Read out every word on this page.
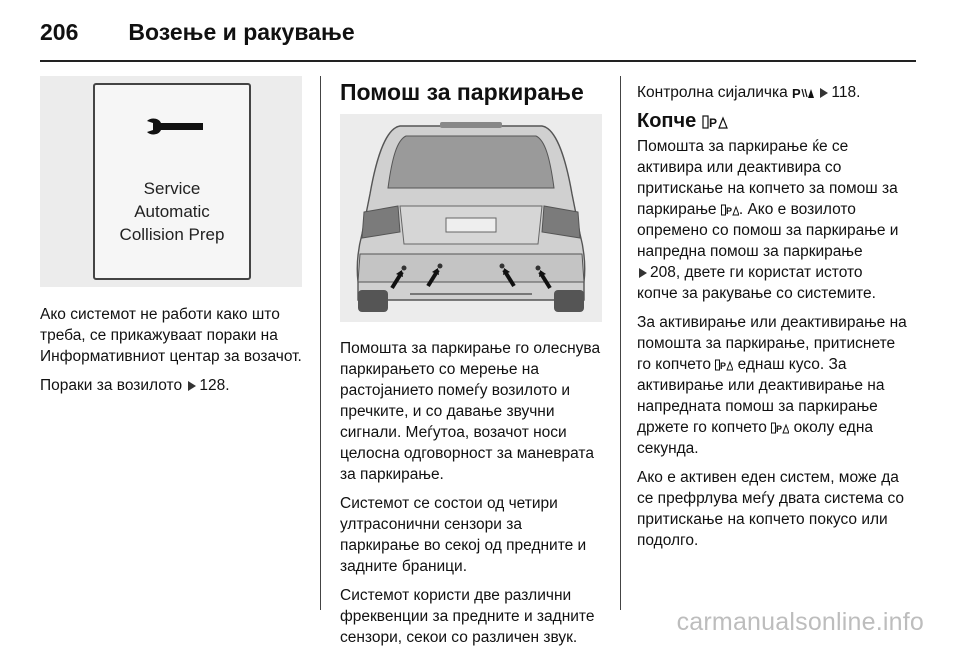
206 Возење и ракување
Service
Automatic
Collision Prep

Ако системот не работи како што треба, се прикажуваат пораки на Информативниот центар за возачот.

Пораки за возилото 128.

Помош за паркирање

Помошта за паркирање го олеснува паркирањето со мерење на растојанието помеѓу возилото и пречките, и со давање звучни сигнали. Меѓутоа, возачот носи целосна одговорност за маневрата за паркирање.

Системот се состои од четири ултрасонични сензори за паркирање во секој од предните и задните браници.

Системот користи две различни фреквенции за предните и задните сензори, секои со различен звук.

Контролна сијаличка P 118.

Копче P

Помошта за паркирање ќе се активира или деактивира со притискање на копчето за помош за паркирање P . Ако е возилото опремено со помош за паркирање и напредна помош за паркирање
208, двете ги користат истото копче за ракување со системите.

За активирање или деактивирање на помошта за паркирање, притиснете го копчето P еднаш кусо. За активирање или деактивирање на напредната помош за паркирање држете го копчето P околу една секунда.

Ако е активен еден систем, може да се префрлува меѓу двата система со притискање на копчето покусо или подолго.

carmanualsonline.info
